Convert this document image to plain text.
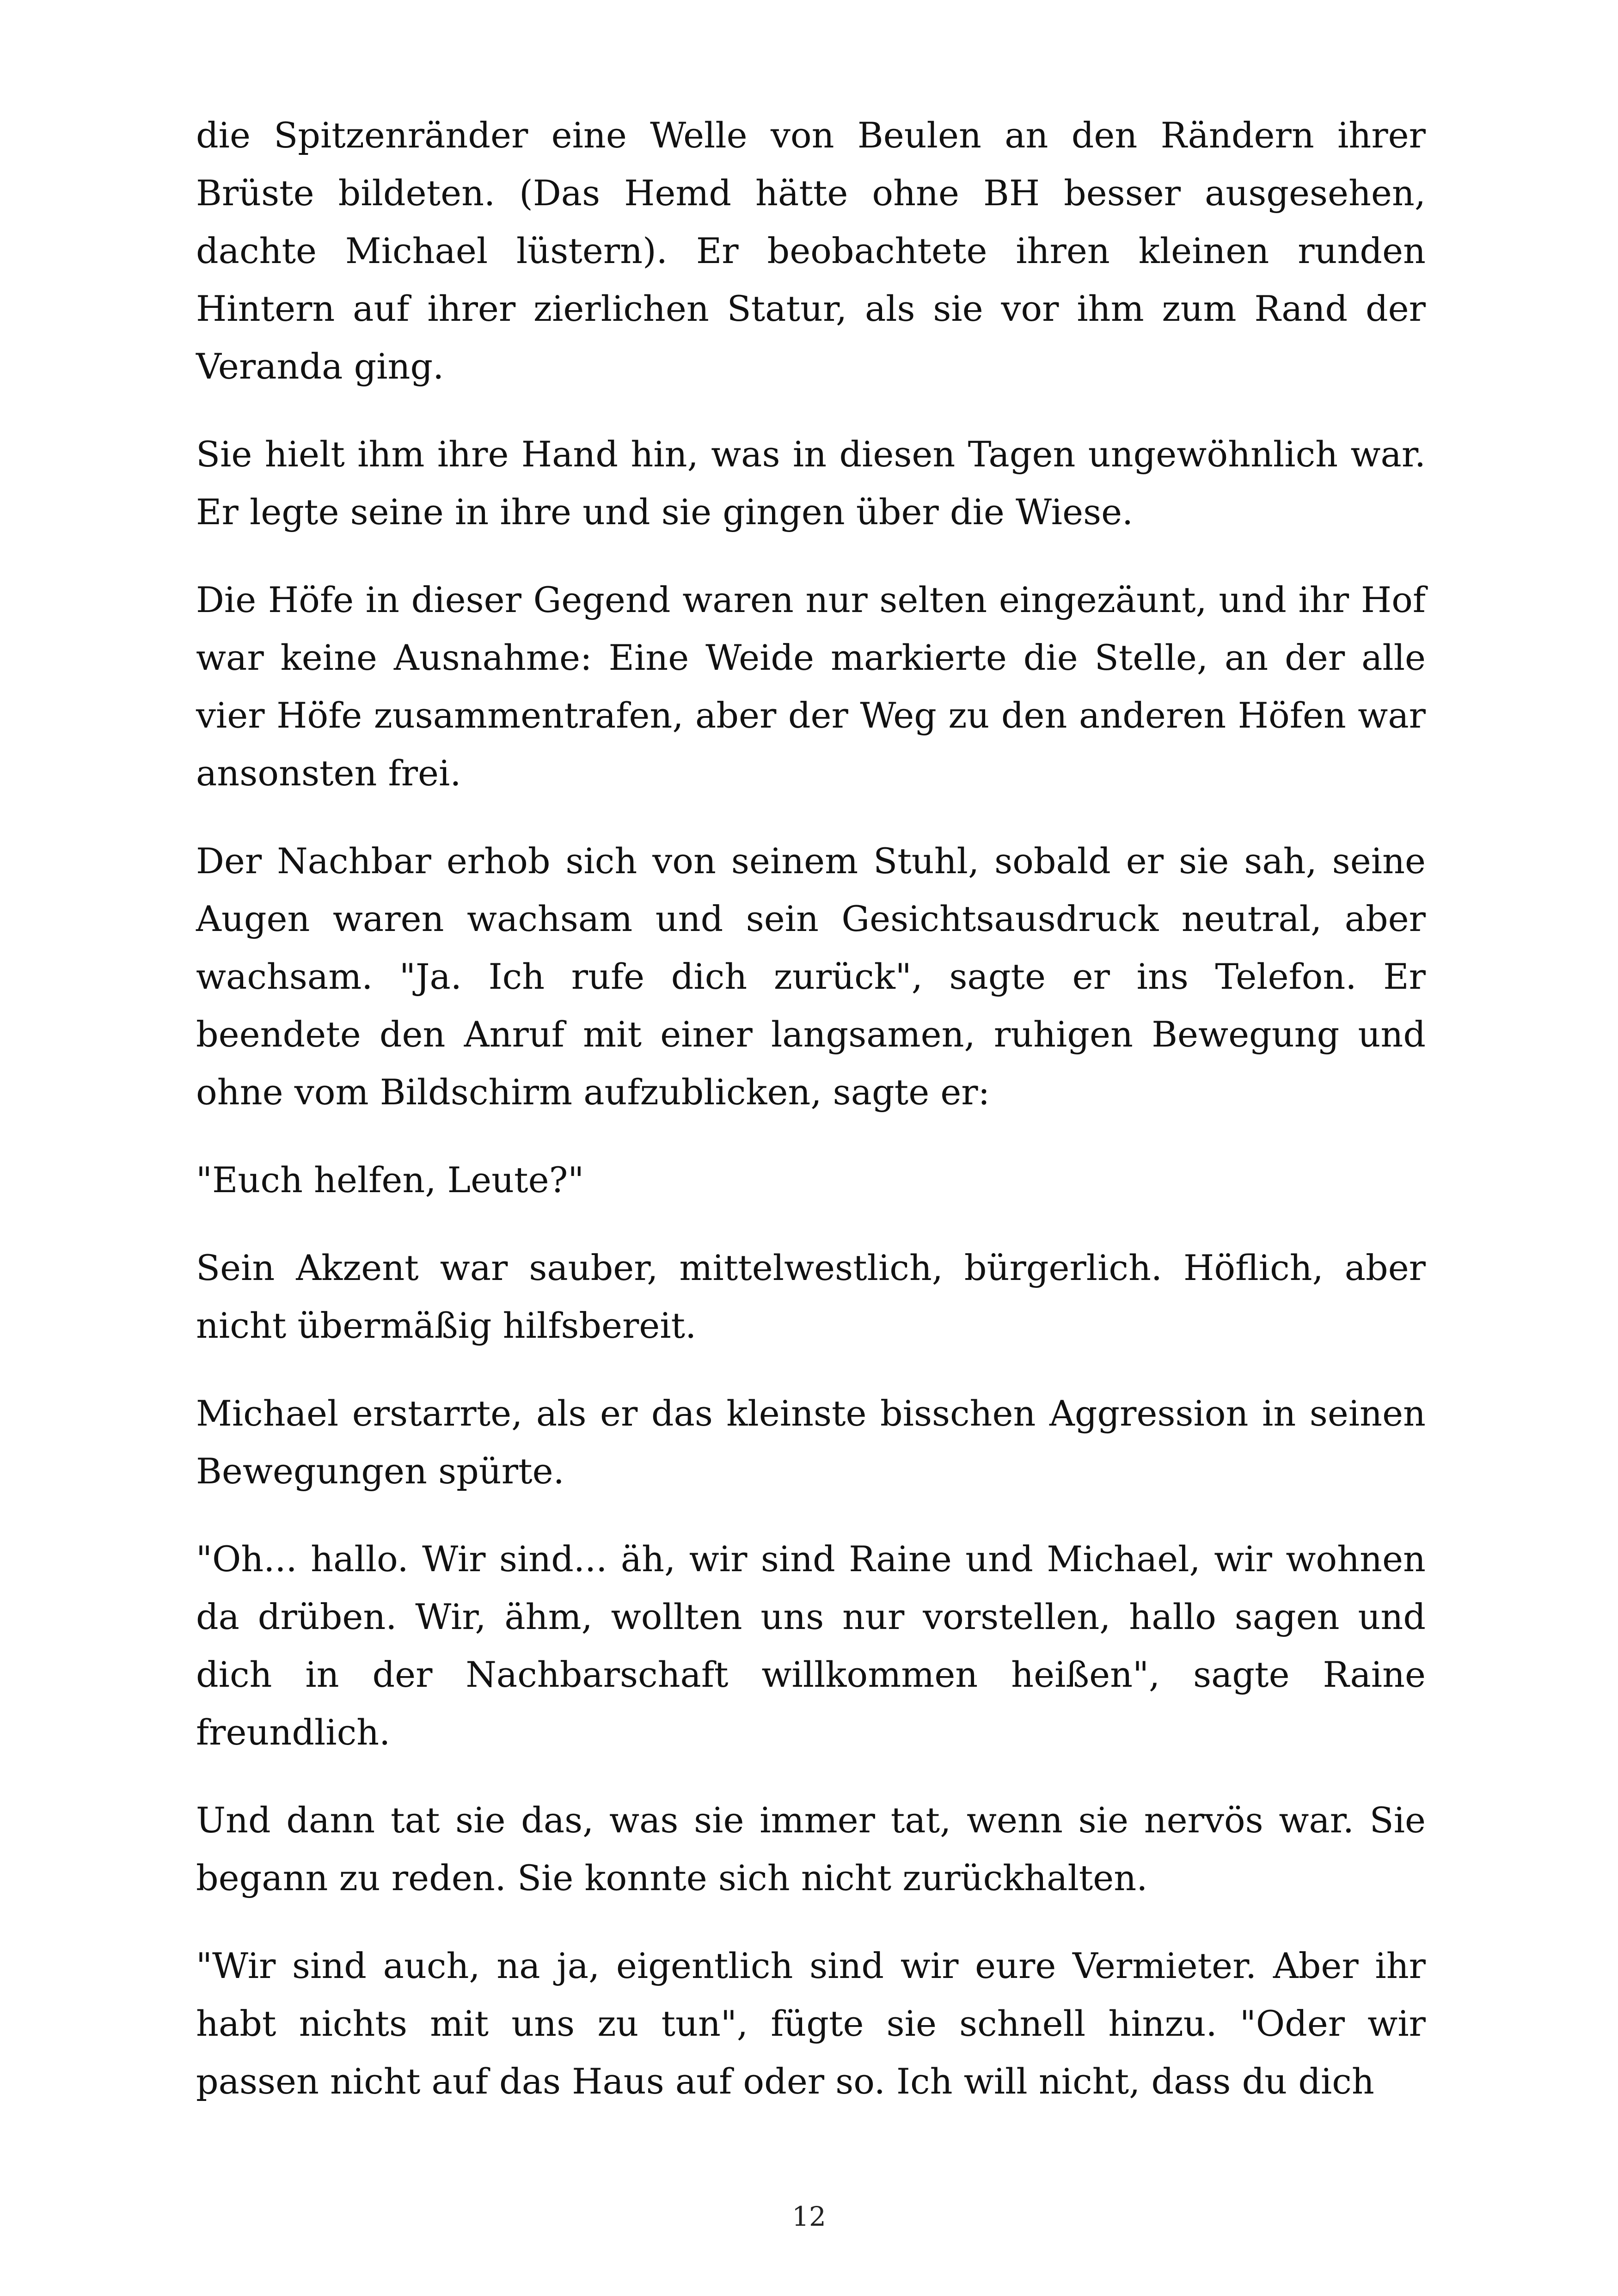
die Spitzenränder eine Welle von Beulen an den Rändern ihrer Brüste bildeten. (Das Hemd hätte ohne BH besser ausgesehen, dachte Michael lüstern). Er beobachtete ihren kleinen runden Hintern auf ihrer zierlichen Statur, als sie vor ihm zum Rand der Veranda ging.

Sie hielt ihm ihre Hand hin, was in diesen Tagen ungewöhnlich war. Er legte seine in ihre und sie gingen über die Wiese.

Die Höfe in dieser Gegend waren nur selten eingezäunt, und ihr Hof war keine Ausnahme: Eine Weide markierte die Stelle, an der alle vier Höfe zusammentrafen, aber der Weg zu den anderen Höfen war ansonsten frei.

Der Nachbar erhob sich von seinem Stuhl, sobald er sie sah, seine Augen waren wachsam und sein Gesichtsausdruck neutral, aber wachsam. "Ja. Ich rufe dich zurück", sagte er ins Telefon. Er beendete den Anruf mit einer langsamen, ruhigen Bewegung und ohne vom Bildschirm aufzublicken, sagte er:

"Euch helfen, Leute?"

Sein Akzent war sauber, mittelwestlich, bürgerlich. Höflich, aber nicht übermäßig hilfsbereit.

Michael erstarrte, als er das kleinste bisschen Aggression in seinen Bewegungen spürte.

"Oh... hallo. Wir sind... äh, wir sind Raine und Michael, wir wohnen da drüben. Wir, ähm, wollten uns nur vorstellen, hallo sagen und dich in der Nachbarschaft willkommen heißen", sagte Raine freundlich.

Und dann tat sie das, was sie immer tat, wenn sie nervös war. Sie begann zu reden. Sie konnte sich nicht zurückhalten.

"Wir sind auch, na ja, eigentlich sind wir eure Vermieter. Aber ihr habt nichts mit uns zu tun", fügte sie schnell hinzu. "Oder wir passen nicht auf das Haus auf oder so. Ich will nicht, dass du dich

12
